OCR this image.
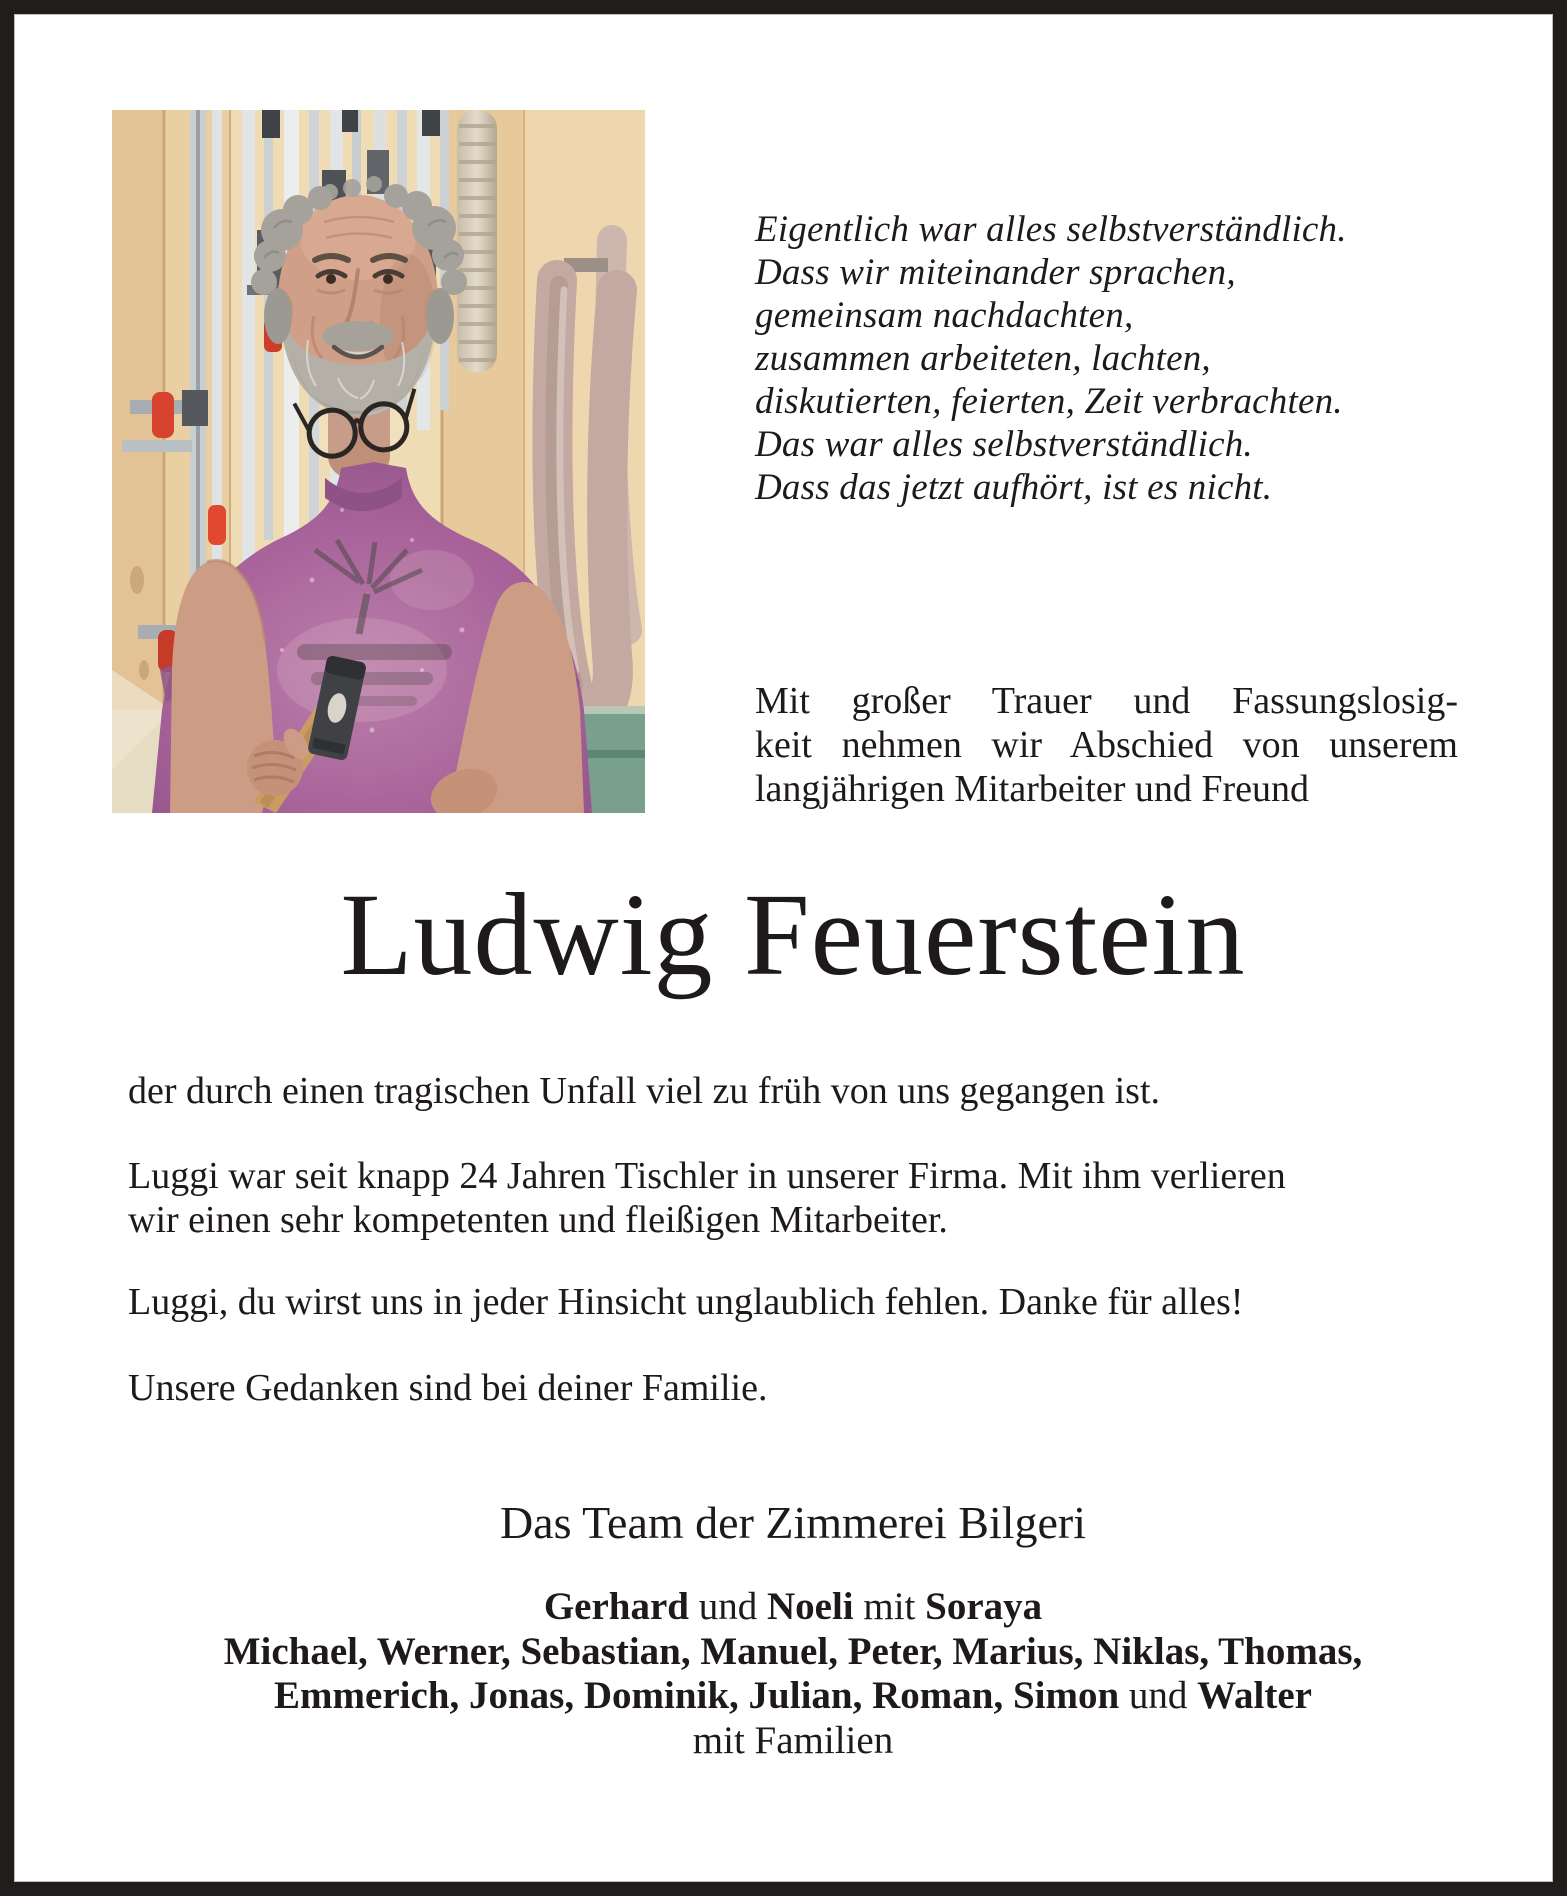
Eigentlich war alles selbstverständlich.
Dass wir miteinander sprachen,
gemeinsam nachdachten,
zusammen arbeiteten, lachten,
diskutierten, feierten, Zeit verbrachten.
Das war alles selbstverständlich.
Dass das jetzt aufhört, ist es nicht.
Mit großer Trauer und Fassungslosig-
keit nehmen wir Abschied von unserem
langjährigen Mitarbeiter und Freund
Ludwig Feuerstein
der durch einen tragischen Unfall viel zu früh von uns gegangen ist.
Luggi war seit knapp 24 Jahren Tischler in unserer Firma. Mit ihm verlieren
wir einen sehr kompetenten und fleißigen Mitarbeiter.
Luggi, du wirst uns in jeder Hinsicht unglaublich fehlen. Danke für alles!
Unsere Gedanken sind bei deiner Familie.
Das Team der Zimmerei Bilgeri
Gerhard und Noeli mit Soraya
Michael, Werner, Sebastian, Manuel, Peter, Marius, Niklas, Thomas,
Emmerich, Jonas, Dominik, Julian, Roman, Simon und Walter
mit Familien
